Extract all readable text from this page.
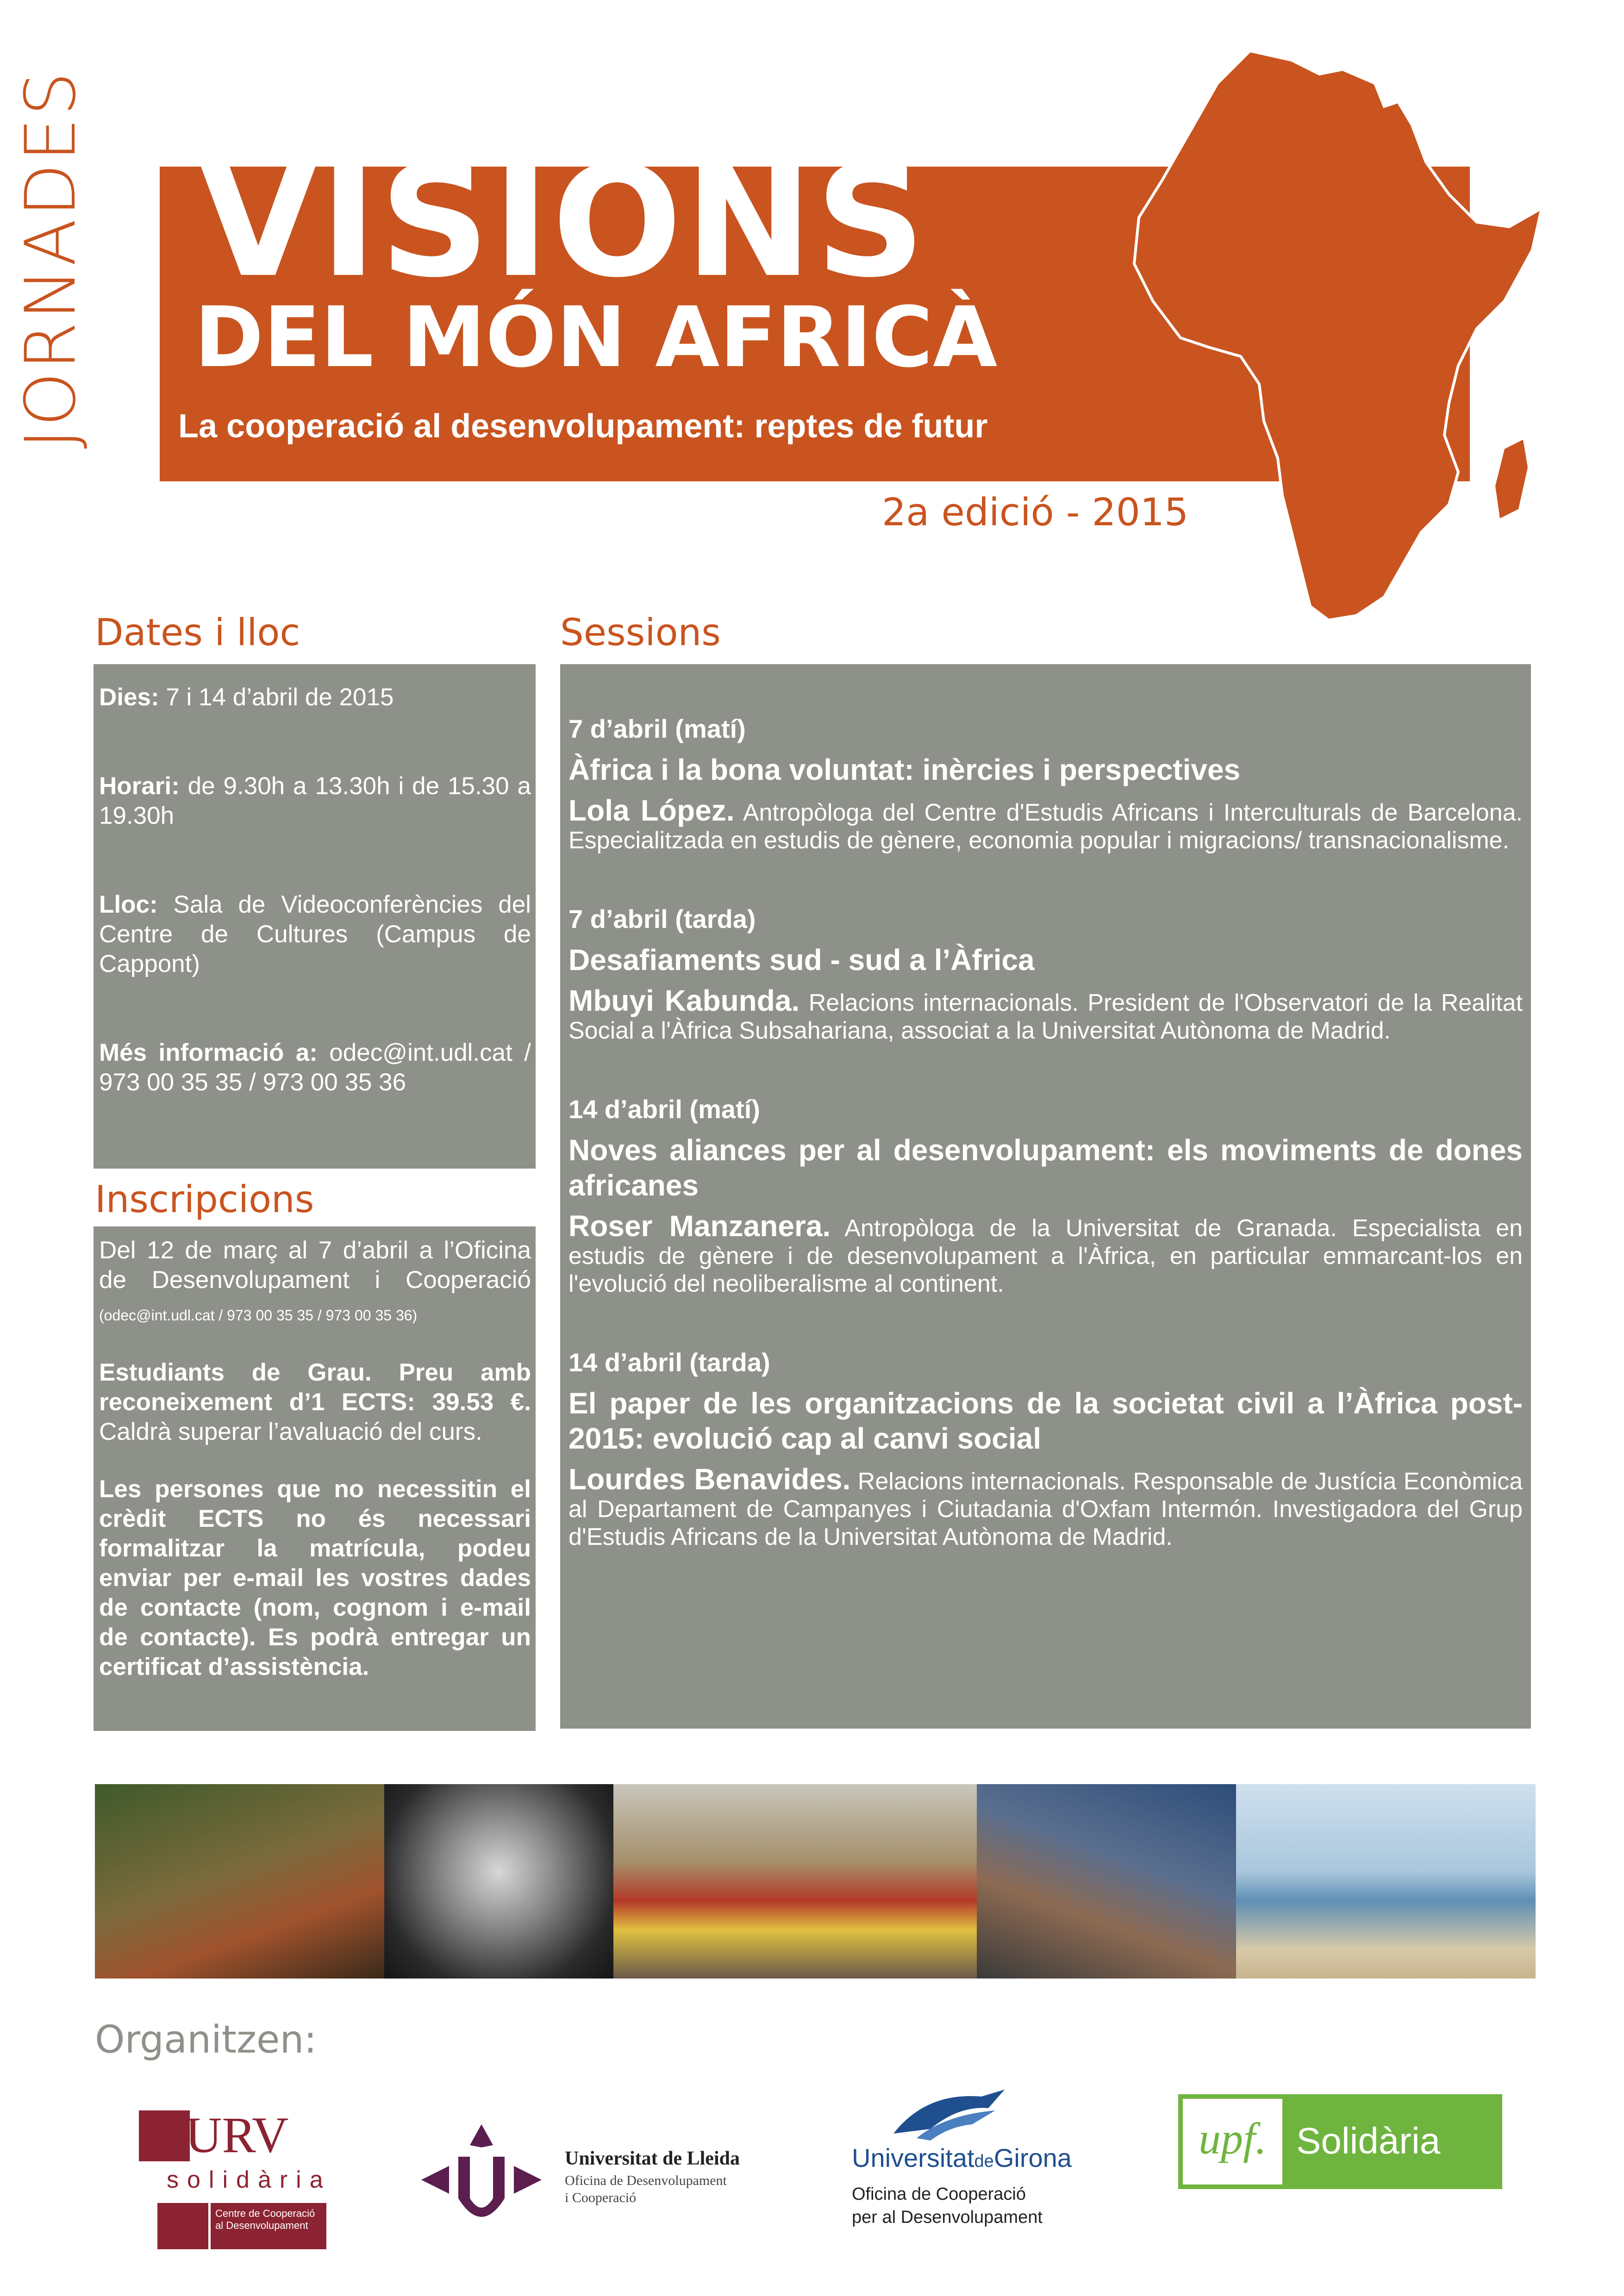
JORNADES VISIONS
DEL MÓN AFRICÀ
La cooperació al desenvolupament: reptes de futur
2a edició - 2015
Dates i lloc

Dies: 7 i 14 d’abril de 2015

Horari: de 9.30h a 13.30h i de 15.30 a 19.30h

Lloc: Sala de Videoconferències del Centre de Cultures (Campus de Cappont)

Més informació a: odec@int.udl.cat / 973 00 35 35 / 973 00 35 36

Inscripcions

Del 12 de març al 7 d’abril a l’Oficina de Desenvolupament i Cooperació (odec@int.udl.cat / 973 00 35 35 / 973 00 35 36)

Estudiants de Grau. Preu amb reconeixement d’1 ECTS: 39.53 €. Caldrà superar l’avaluació del curs.

Les persones que no necessitin el crèdit ECTS no és necessari formalitzar la matrícula, podeu enviar per e-mail les vostres dades de contacte (nom, cognom i e-mail de contacte). Es podrà entregar un certificat d’assistència.

Sessions
7 d’abril (matí)
Àfrica i la bona voluntat: inèrcies i perspectives

Lola López. Antropòloga del Centre d'Estudis Africans i Interculturals de Barcelona. Especialitzada en estudis de gènere, economia popular i migracions/ transnacionalisme.

7 d’abril (tarda)
Desafiaments sud - sud a l’Àfrica

Mbuyi Kabunda. Relacions internacionals. President de l'Observatori de la Realitat Social a l'Àfrica Subsahariana, associat a la Universitat Autònoma de Madrid.

14 d’abril (matí)
Noves aliances per al desenvolupament: els moviments de dones africanes

Roser Manzanera. Antropòloga de la Universitat de Granada. Especialista en estudis de gènere i de desenvolupament a l'Àfrica, en particular emmarcant-los en l'evolució del neoliberalisme al continent.

14 d’abril (tarda)
El paper de les organitzacions de la societat civil a l’Àfrica post-2015: evolució cap al canvi social

Lourdes Benavides. Relacions internacionals. Responsable de Justícia Econòmica al Departament de Campanyes i Ciutadania d'Oxfam Intermón. Investigadora del Grup d'Estudis Africans de la Universitat Autònoma de Madrid.

Organitzen:
URV
solidària
Centre de Cooperació al Desenvolupament
Universitat de Lleida
Oficina de Desenvolupament
i Cooperació
UniversitatdeGirona
Oficina de Cooperació
per al Desenvolupament
upf. Solidària
